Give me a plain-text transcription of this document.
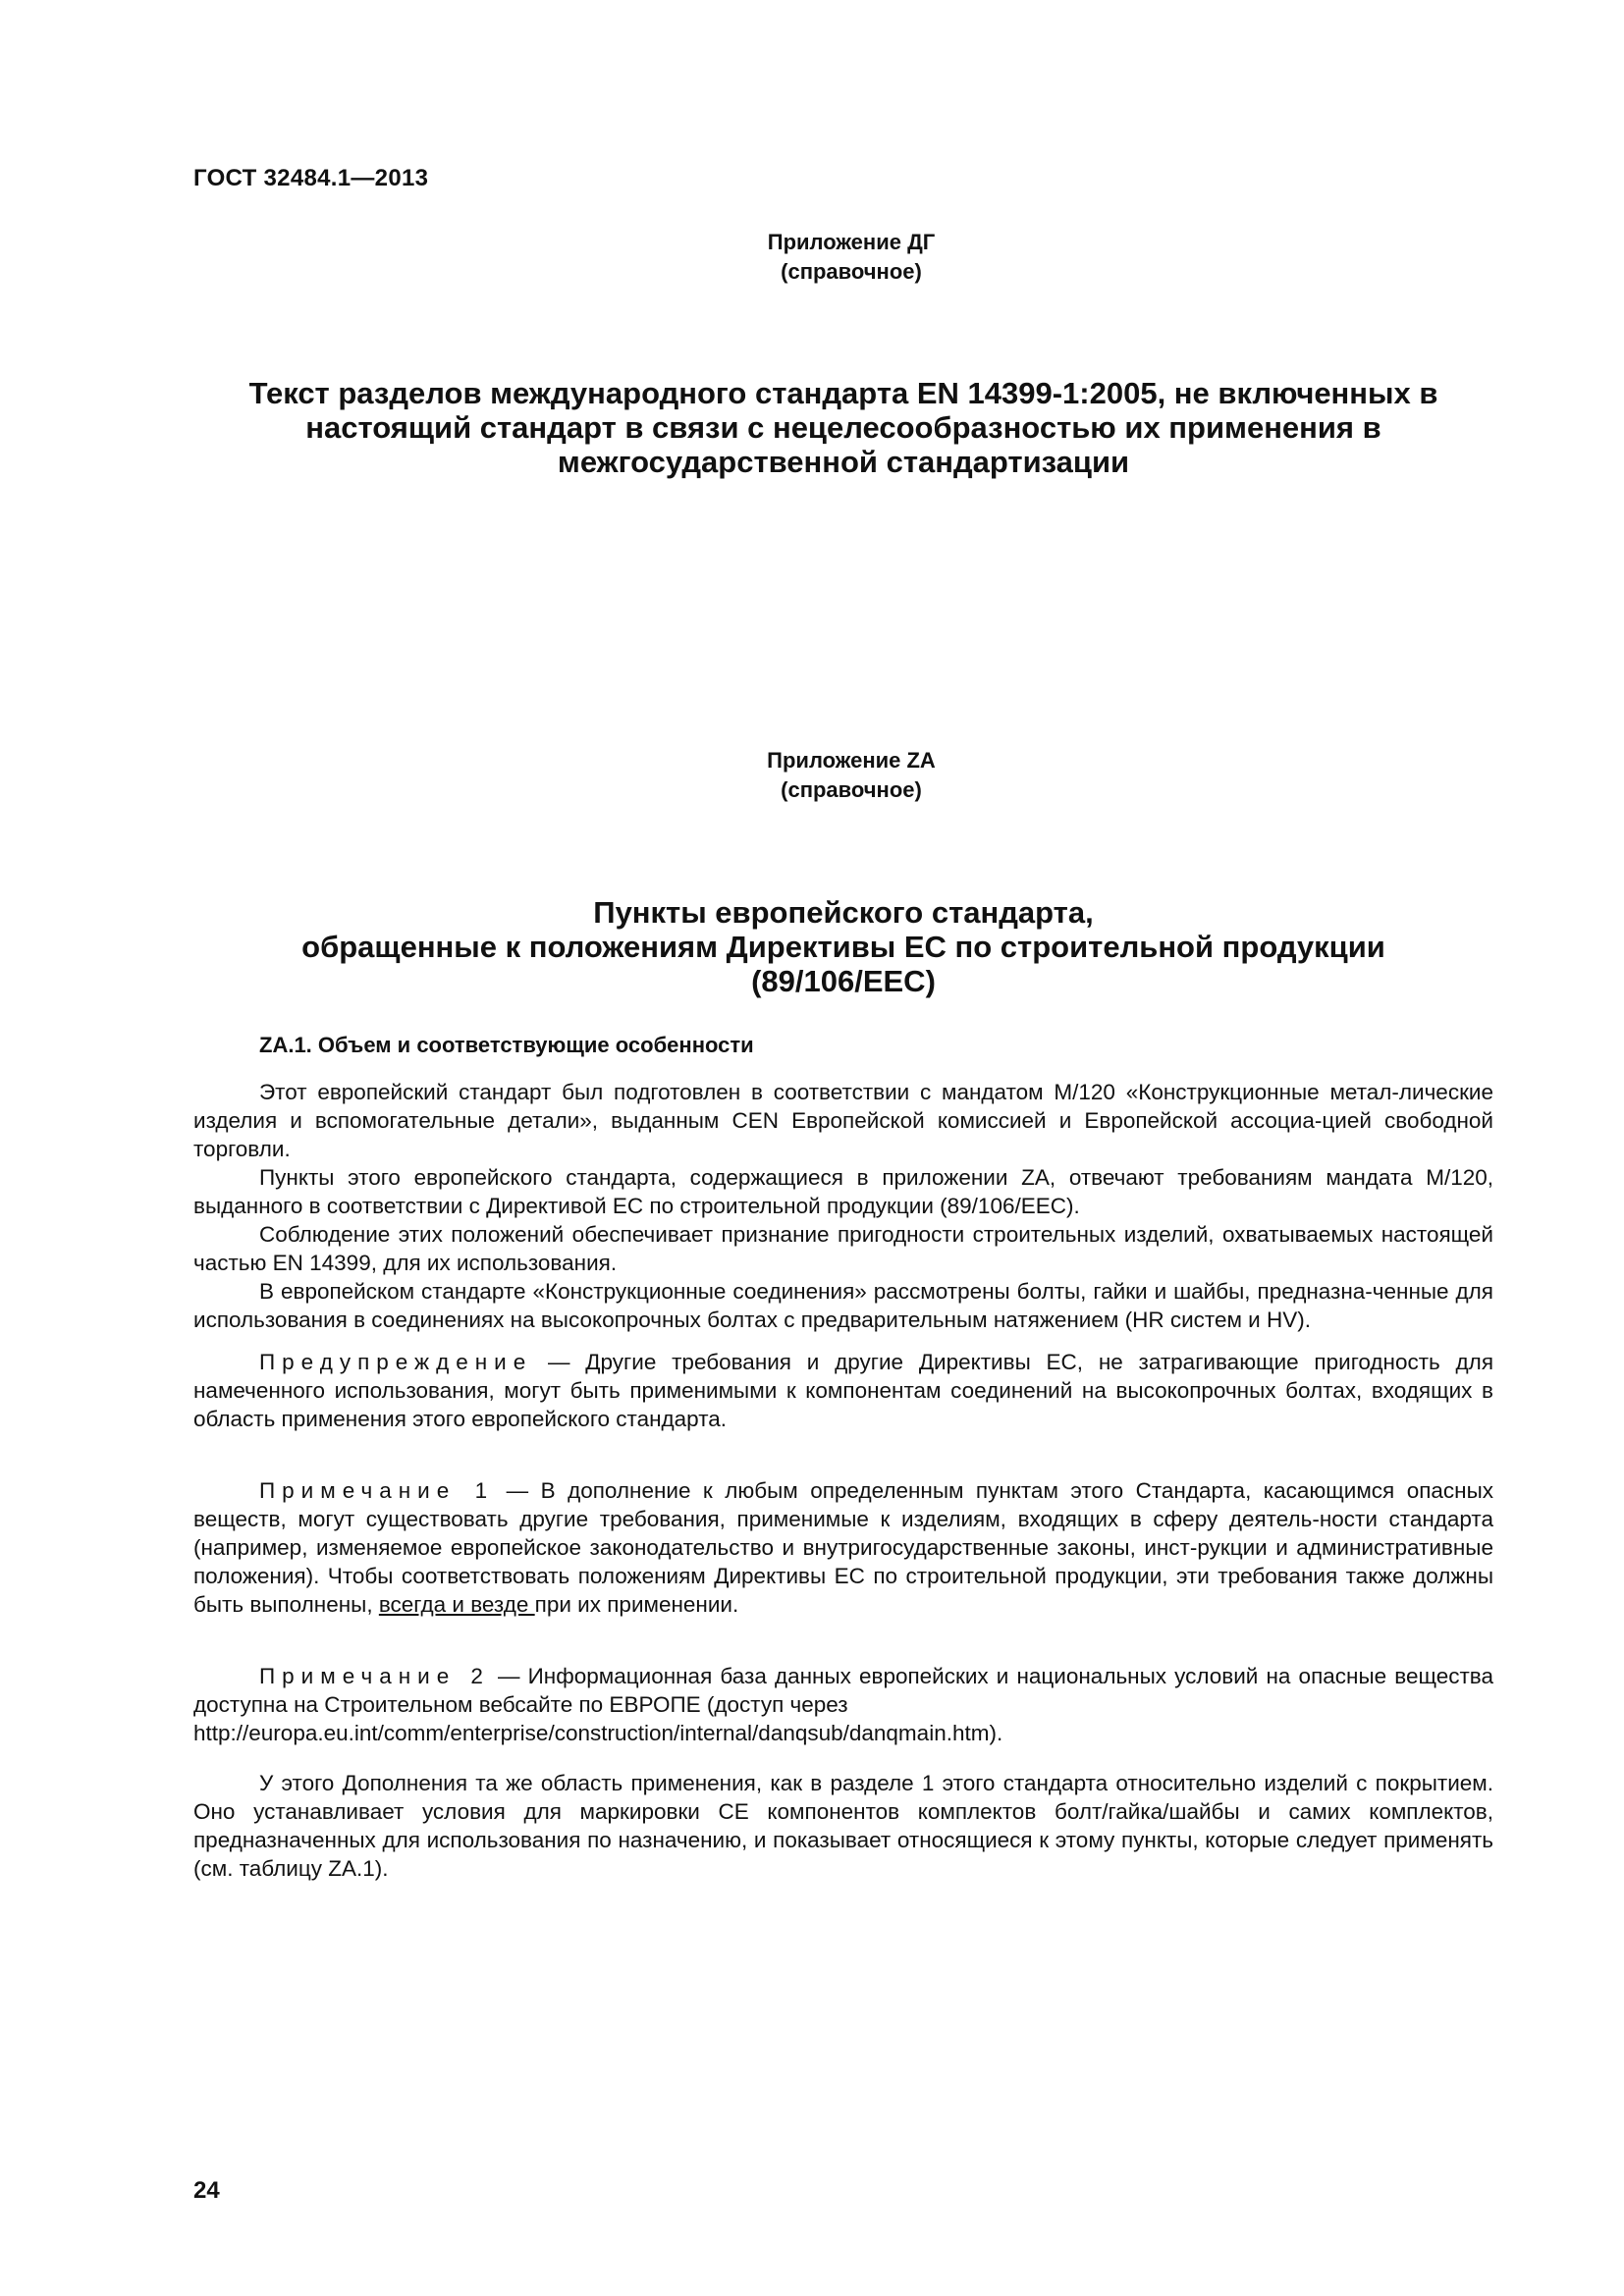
ГОСТ 32484.1—2013
Приложение ДГ
(справочное)
Текст разделов международного стандарта EN 14399-1:2005, не включенных в
настоящий стандарт в связи с нецелесообразностью их применения в
межгосударственной стандартизации
Приложение ZA
(справочное)
Пункты европейского стандарта,
обращенные к положениям Директивы ЕС по строительной продукции
(89/106/EEC)
ZA.1. Объем и соответствующие особенности

Этот европейский стандарт был подготовлен в соответствии с мандатом M/120 «Конструкционные метал-лические изделия и вспомогательные детали», выданным CEN Европейской комиссией и Европейской ассоциа-цией свободной торговли.

Пункты этого европейского стандарта, содержащиеся в приложении ZA, отвечают требованиям мандата M/120, выданного в соответствии с Директивой ЕС по строительной продукции (89/106/EEC).

Соблюдение этих положений обеспечивает признание пригодности строительных изделий, охватываемых настоящей частью EN 14399, для их использования.

В европейском стандарте «Конструкционные соединения» рассмотрены болты, гайки и шайбы, предназна-ченные для использования в соединениях на высокопрочных болтах с предварительным натяжением (HR систем и HV).

Предупреждение — Другие требования и другие Директивы ЕС, не затрагивающие пригодность для намеченного использования, могут быть применимыми к компонентам соединений на высокопрочных болтах, входящих в область применения этого европейского стандарта.

Примечание 1 — В дополнение к любым определенным пунктам этого Стандарта, касающимся опасных веществ, могут существовать другие требования, применимые к изделиям, входящих в сферу деятель-ности стандарта (например, изменяемое европейское законодательство и внутригосударственные законы, инст-рукции и административные положения). Чтобы соответствовать положениям Директивы ЕС по строительной продукции, эти требования также должны быть выполнены, всегда и везде при их применении.

Примечание 2 — Информационная база данных европейских и национальных условий на опасные вещества доступна на Строительном вебсайте по ЕВРОПЕ (доступ через

http://europa.eu.int/comm/enterprise/construction/internal/danqsub/danqmain.htm).

У этого Дополнения та же область применения, как в разделе 1 этого стандарта относительно изделий с покрытием. Оно устанавливает условия для маркировки CE компонентов комплектов болт/гайка/шайбы и самих комплектов, предназначенных для использования по назначению, и показывает относящиеся к этому пункты, которые следует применять (см. таблицу ZA.1).

24
